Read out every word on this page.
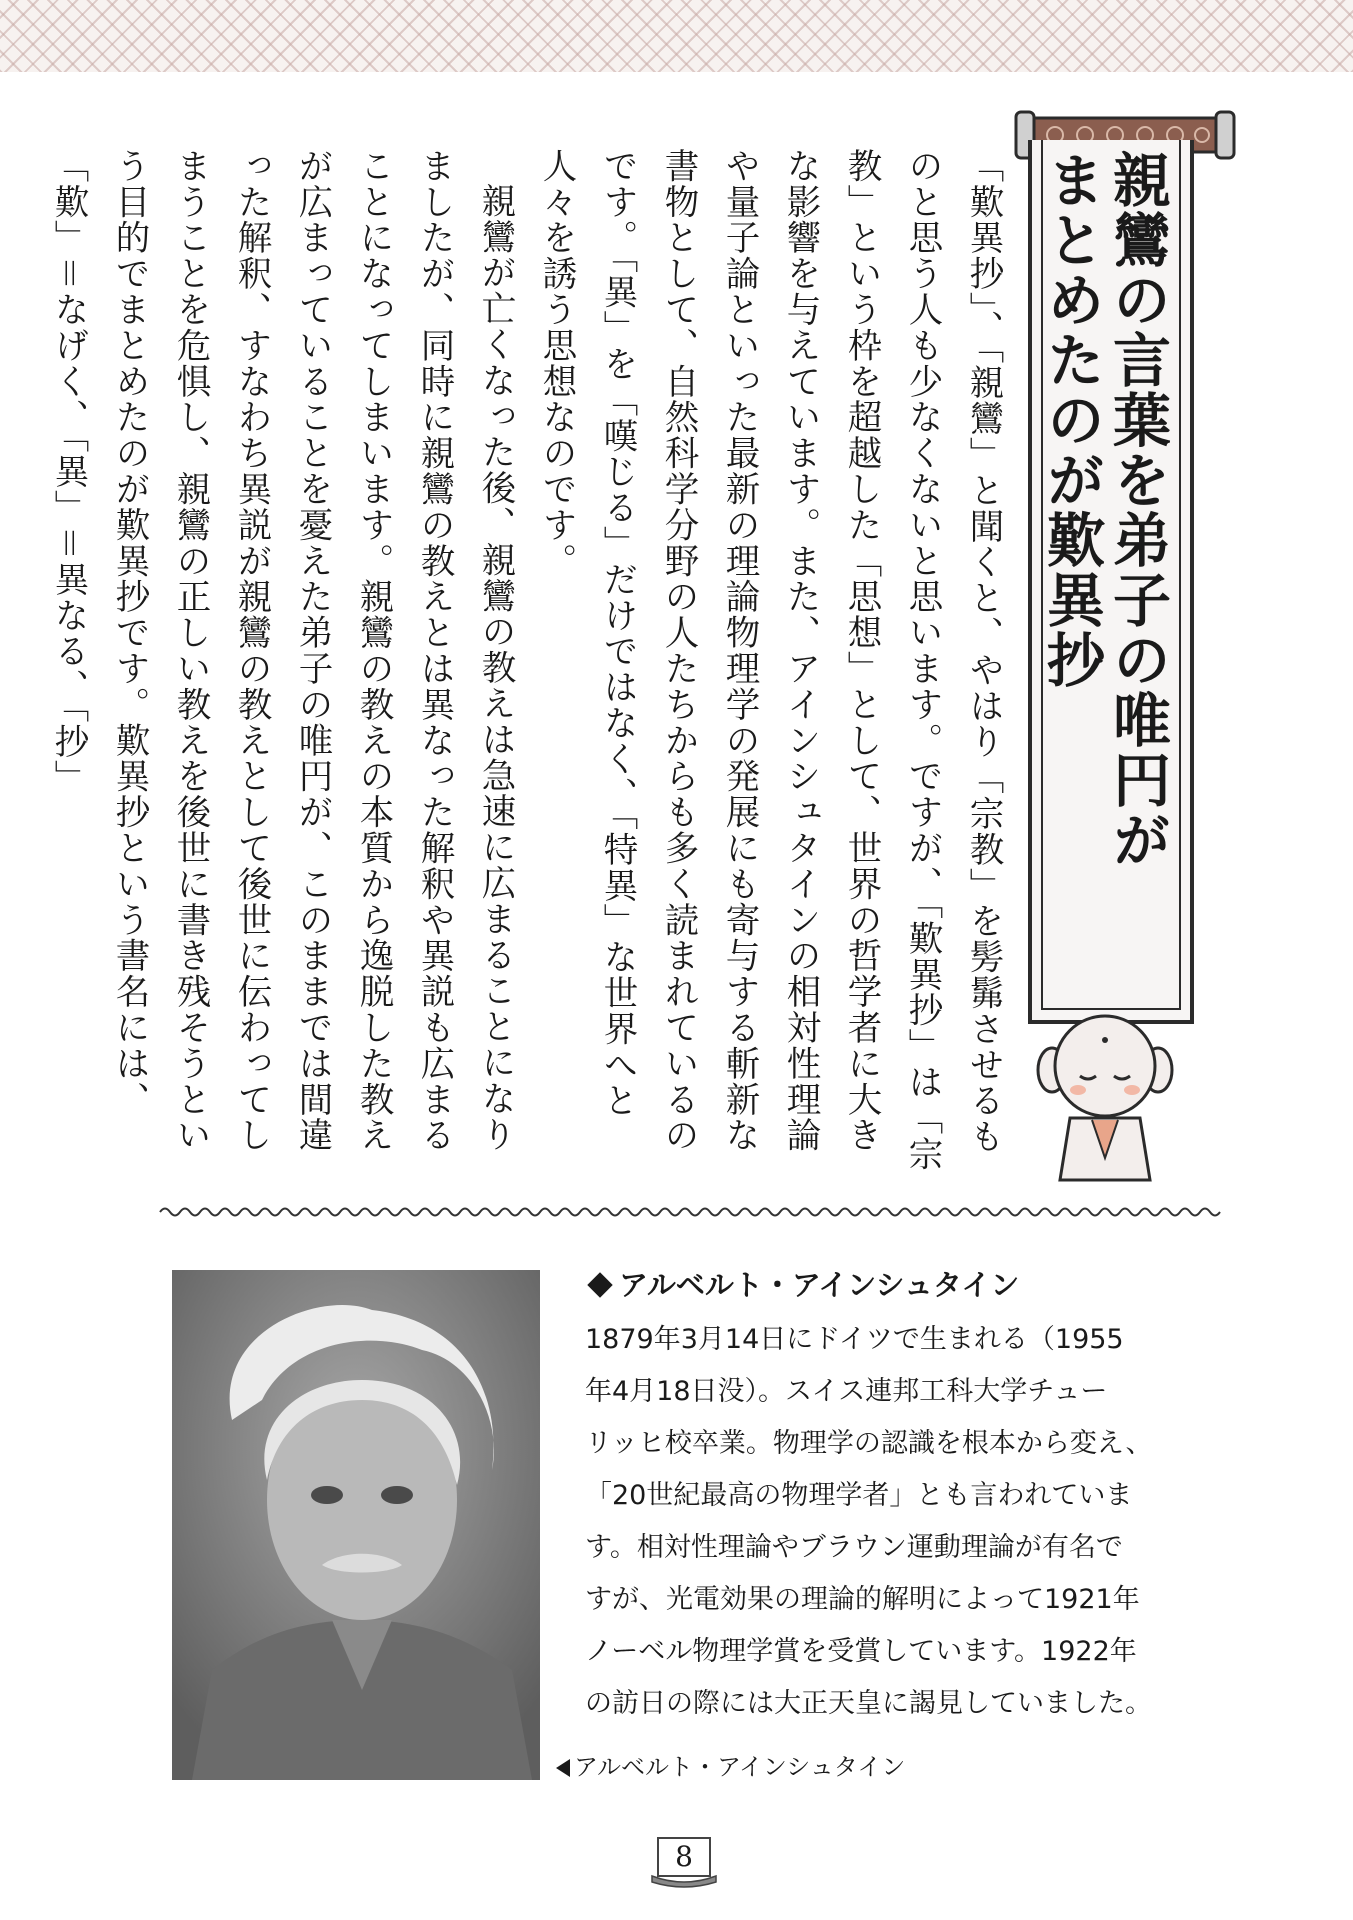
「歎異抄」、「親鸞」と聞くと、やはり「宗教」を髣髴させるものと思う人も少なくないと思います。ですが、「歎異抄」は「宗教」という枠を超越した「思想」として、世界の哲学者に大きな影響を与えています。また、アインシュタインの相対性理論や量子論といった最新の理論物理学の発展にも寄与する斬新な書物として、自然科学分野の人たちからも多く読まれているのです。「異」を「嘆じる」だけではなく、「特異」な世界へと人々を誘う思想なのです。

親鸞が亡くなった後、親鸞の教えは急速に広まることになりましたが、同時に親鸞の教えとは異なった解釈や異説も広まることになってしまいます。親鸞の教えの本質から逸脱した教えが広まっていることを憂えた弟子の唯円が、このままでは間違った解釈、すなわち異説が親鸞の教えとして後世に伝わってしまうことを危惧し、親鸞の正しい教えを後世に書き残そうという目的でまとめたのが歎異抄です。歎異抄という書名には、「歎」＝なげく、「異」＝異なる、「抄」	親鸞の言葉を弟子の唯円が
まとめたのが歎異抄
アルベルト・アインシュタイン
アルベルト・アインシュタイン

1879年3月14日にドイツで生まれる（1955

年4月18日没）。スイス連邦工科大学チュー

リッヒ校卒業。物理学の認識を根本から変え、

「20世紀最高の物理学者」とも言われていま

す。相対性理論やブラウン運動理論が有名で

すが、光電効果の理論的解明によって1921年

ノーベル物理学賞を受賞しています。1922年

の訪日の際には大正天皇に謁見していました。

8
